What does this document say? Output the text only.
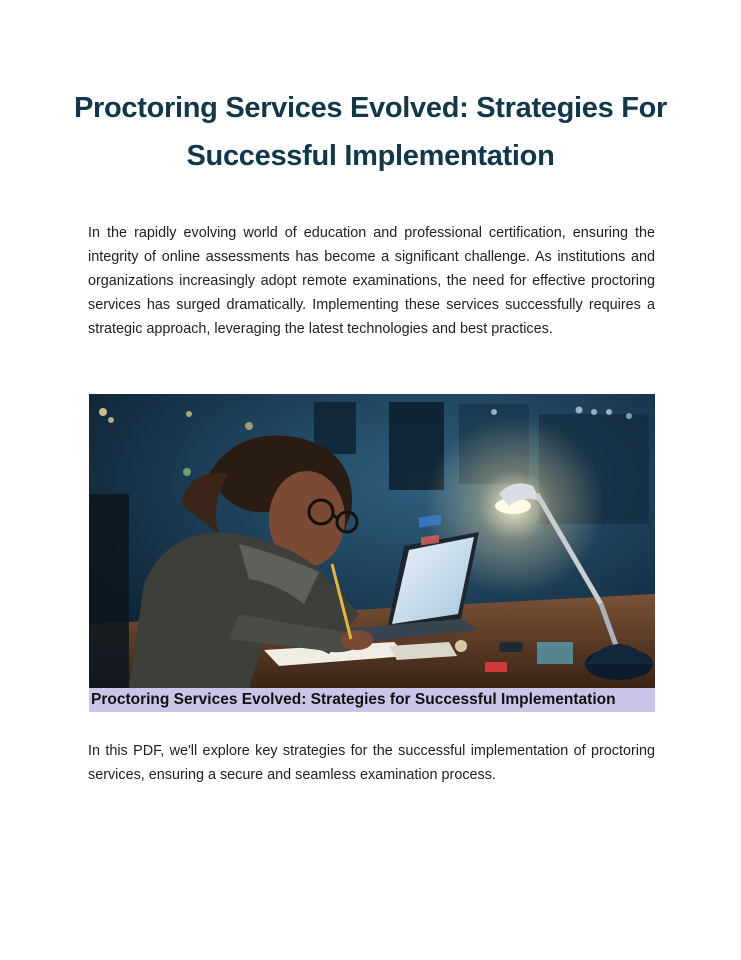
Proctoring Services Evolved: Strategies For Successful Implementation

In the rapidly evolving world of education and professional certification, ensuring the integrity of online assessments has become a significant challenge. As institutions and organizations increasingly adopt remote examinations, the need for effective proctoring services has surged dramatically. Implementing these services successfully requires a strategic approach, leveraging the latest technologies and best practices.

Proctoring Services Evolved: Strategies for Successful Implementation

In this PDF, we'll explore key strategies for the successful implementation of proctoring services, ensuring a secure and seamless examination process.
